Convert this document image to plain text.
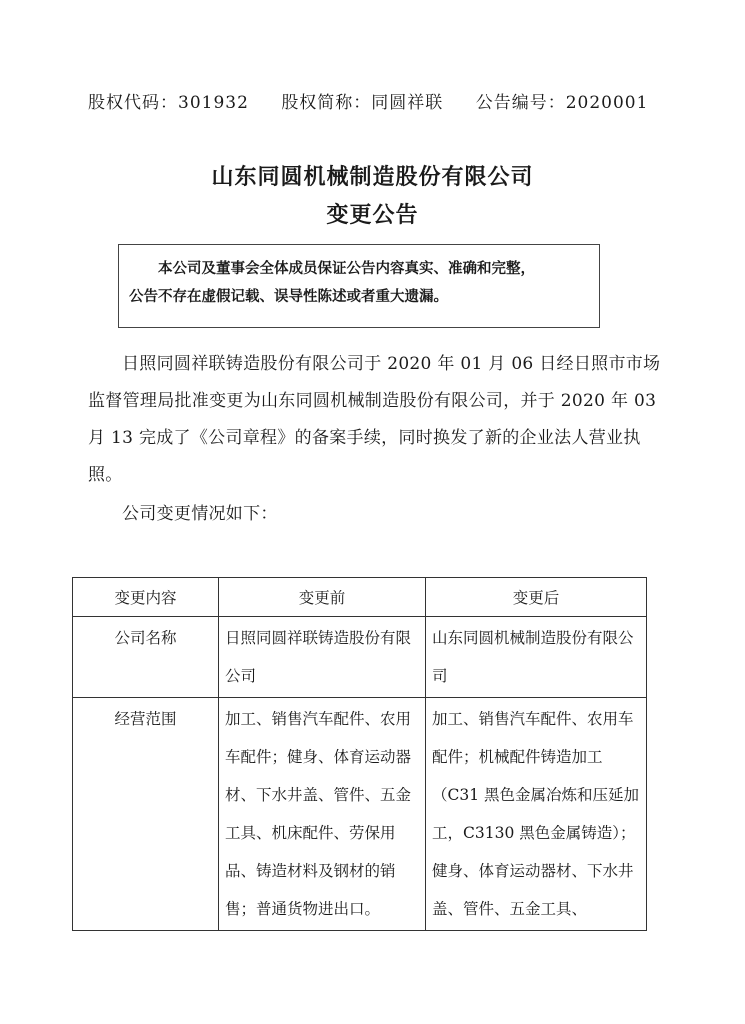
股权代码：301932 股权简称：同圆祥联 公告编号：2020001
山东同圆机械制造股份有限公司
变更公告
本公司及董事会全体成员保证公告内容真实、准确和完整，
公告不存在虚假记载、误导性陈述或者重大遗漏。
日照同圆祥联铸造股份有限公司于 2020 年 01 月 06 日经日照市市场监督管理局批准变更为山东同圆机械制造股份有限公司，并于 2020 年 03 月 13 完成了《公司章程》的备案手续，同时换发了新的企业法人营业执照。
公司变更情况如下：
变更内容	变更前	变更后
公司名称	日照同圆祥联铸造股份有限公司	山东同圆机械制造股份有限公司
经营范围	加工、销售汽车配件、农用车配件；健身、体育运动器材、下水井盖、管件、五金工具、机床配件、劳保用品、铸造材料及钢材的销售；普通货物进出口。	加工、销售汽车配件、农用车配件；机械配件铸造加工（C31 黑色金属冶炼和压延加工，C3130 黑色金属铸造）；健身、体育运动器材、下水井盖、管件、五金工具、
